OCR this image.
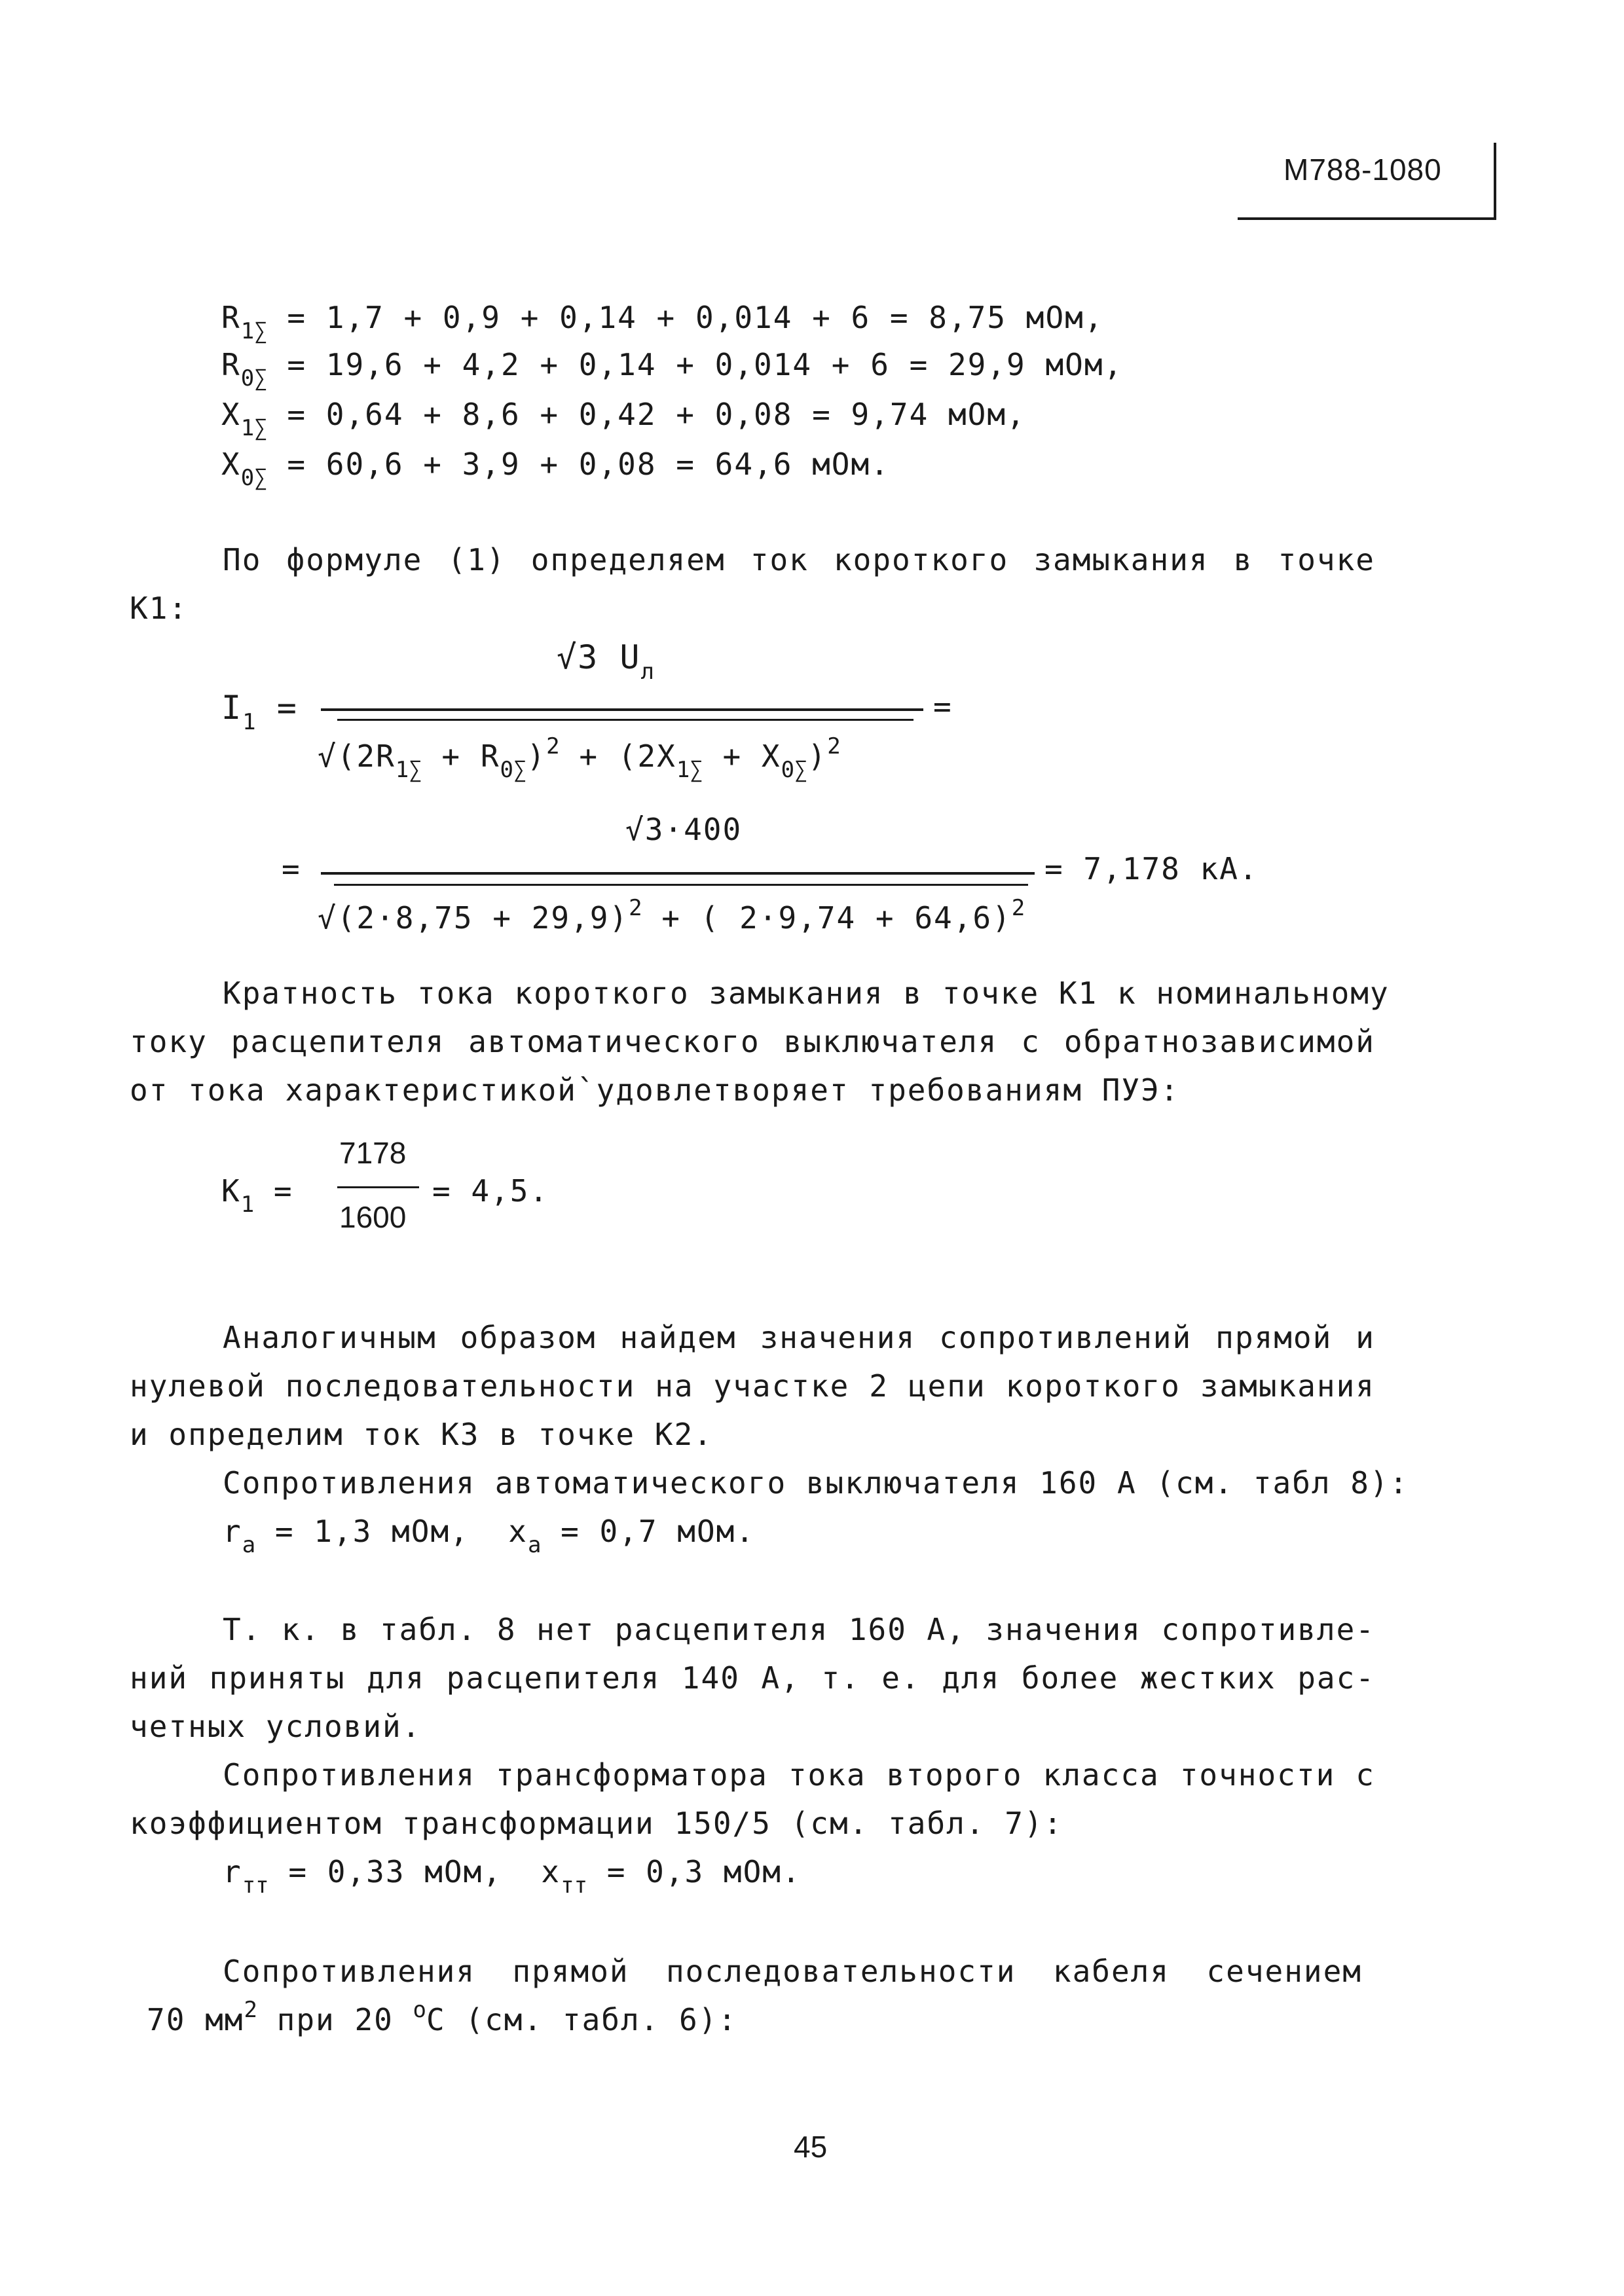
М788-1080
$R_{1\sum} = 1,7 + 0,9 + 0,14 + 0,014 + 6 = 8,75$ мОм,
$R_{0\sum} = 19,6 + 4,2 + 0,14 + 0,014 + 6 = 29,9$ мОм,
$X_{1\sum} = 0,64 + 8,6 + 0,42 + 0,08 = 9,74$ мОм,
$X_{0\sum} = 60,6 + 3,9 + 0,08 = 64,6$ мОм.
По формуле (1) определяем ток короткого замыкания в точке
К1:
$I_1$ =
√3 $U_л$
$√(2R_{1\sum} + R_{0\sum})^2 + (2X_{1\sum} + X_{0\sum})^2$
=
=
√3·400
$√(2\cdot 8,75 + 29,9)^2$ + ( 2·9,74 + 64,6)$^2$
= 7,178 кА.
Кратность тока короткого замыкания в точке К1 к номинальному
току расцепителя автоматического выключателя с обратнозависимой
от тока характеристикой`удовлетворяет требованиям ПУЭ:
$K_1$ =
7178
1600
= 4,5.
Аналогичным образом найдем значения сопротивлений прямой и
нулевой последовательности на участке 2 цепи короткого замыкания
и определим ток КЗ в точке К2.
Сопротивления автоматического выключателя 160 А (см. табл 8):
$r_а = 1,3$ мОм, $x_а = 0,7$ мОм.
Т. к. в табл. 8 нет расцепителя 160 А, значения сопротивле-
ний приняты для расцепителя 140 А, т. е. для более жестких рас-
четных условий.
Сопротивления трансформатора тока второго класса точности с
коэффициентом трансформации 150/5 (см. табл. 7):
$r_{тт} = 0,33$ мОм, $x_{тт} = 0,3$ мОм.
Сопротивления прямой последовательности кабеля сечением
70 $мм^2$ при 20 $^о$С (см. табл. 6):
45
